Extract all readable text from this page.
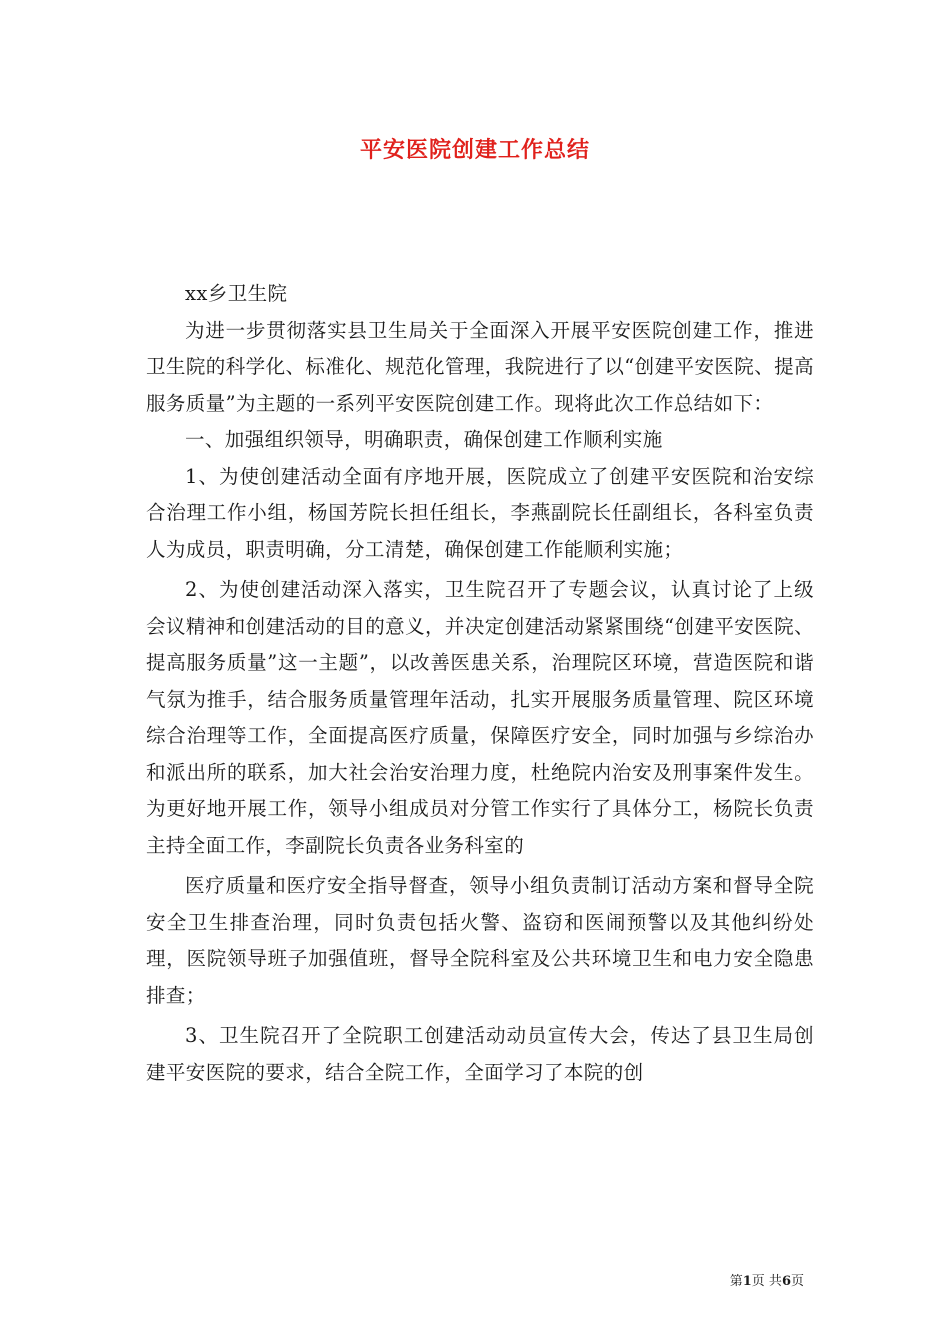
平安医院创建工作总结

xx乡卫生院

为进一步贯彻落实县卫生局关于全面深入开展平安医院创建工作，推进卫生院的科学化、标准化、规范化管理，我院进行了以“创建平安医院、提高服务质量”为主题的一系列平安医院创建工作。现将此次工作总结如下：

一、加强组织领导，明确职责，确保创建工作顺利实施

1、为使创建活动全面有序地开展，医院成立了创建平安医院和治安综合治理工作小组，杨国芳院长担任组长，李燕副院长任副组长，各科室负责人为成员，职责明确，分工清楚，确保创建工作能顺利实施；

2、为使创建活动深入落实，卫生院召开了专题会议，认真讨论了上级会议精神和创建活动的目的意义，并决定创建活动紧紧围绕“创建平安医院、提高服务质量”这一主题”，以改善医患关系，治理院区环境，营造医院和谐气氛为推手，结合服务质量管理年活动，扎实开展服务质量管理、院区环境综合治理等工作，全面提高医疗质量，保障医疗安全，同时加强与乡综治办和派出所的联系，加大社会治安治理力度，杜绝院内治安及刑事案件发生。为更好地开展工作，领导小组成员对分管工作实行了具体分工，杨院长负责主持全面工作，李副院长负责各业务科室的

医疗质量和医疗安全指导督查，领导小组负责制订活动方案和督导全院安全卫生排查治理，同时负责包括火警、盗窃和医闹预警以及其他纠纷处理，医院领导班子加强值班，督导全院科室及公共环境卫生和电力安全隐患排查；

3、卫生院召开了全院职工创建活动动员宣传大会，传达了县卫生局创建平安医院的要求，结合全院工作，全面学习了本院的创

第1页 共6页
